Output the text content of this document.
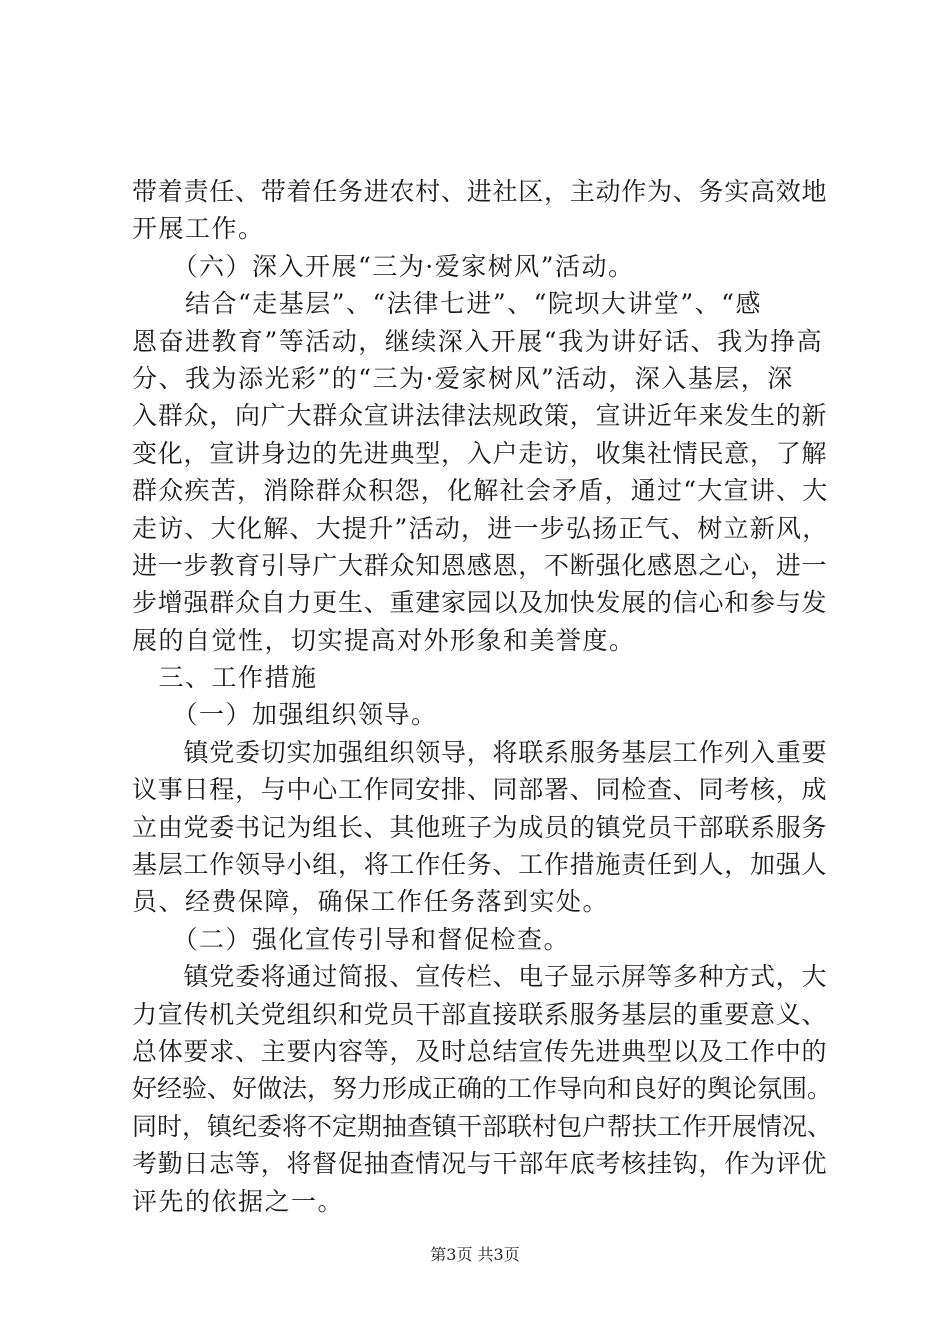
带着责任、带着任务进农村、进社区，主动作为、务实高效地
开展工作。
　　（六）深入开展“三为·爱家树风”活动。
　　结合“走基层”、“法律七进”、“院坝大讲堂”、“感
恩奋进教育”等活动，继续深入开展“我为讲好话、我为挣高
分、我为添光彩”的“三为·爱家树风”活动，深入基层，深
入群众，向广大群众宣讲法律法规政策，宣讲近年来发生的新
变化，宣讲身边的先进典型，入户走访，收集社情民意，了解
群众疾苦，消除群众积怨，化解社会矛盾，通过“大宣讲、大
走访、大化解、大提升”活动，进一步弘扬正气、树立新风，
进一步教育引导广大群众知恩感恩，不断强化感恩之心，进一
步增强群众自力更生、重建家园以及加快发展的信心和参与发
展的自觉性，切实提高对外形象和美誉度。
　三、工作措施
　　（一）加强组织领导。
　　镇党委切实加强组织领导，将联系服务基层工作列入重要
议事日程，与中心工作同安排、同部署、同检查、同考核，成
立由党委书记为组长、其他班子为成员的镇党员干部联系服务
基层工作领导小组，将工作任务、工作措施责任到人，加强人
员、经费保障，确保工作任务落到实处。
　　（二）强化宣传引导和督促检查。
　　镇党委将通过简报、宣传栏、电子显示屏等多种方式，大
力宣传机关党组织和党员干部直接联系服务基层的重要意义、
总体要求、主要内容等，及时总结宣传先进典型以及工作中的
好经验、好做法，努力形成正确的工作导向和良好的舆论氛围。
同时，镇纪委将不定期抽查镇干部联村包户帮扶工作开展情况、
考勤日志等，将督促抽查情况与干部年底考核挂钩，作为评优
评先的依据之一。
第3页 共3页
